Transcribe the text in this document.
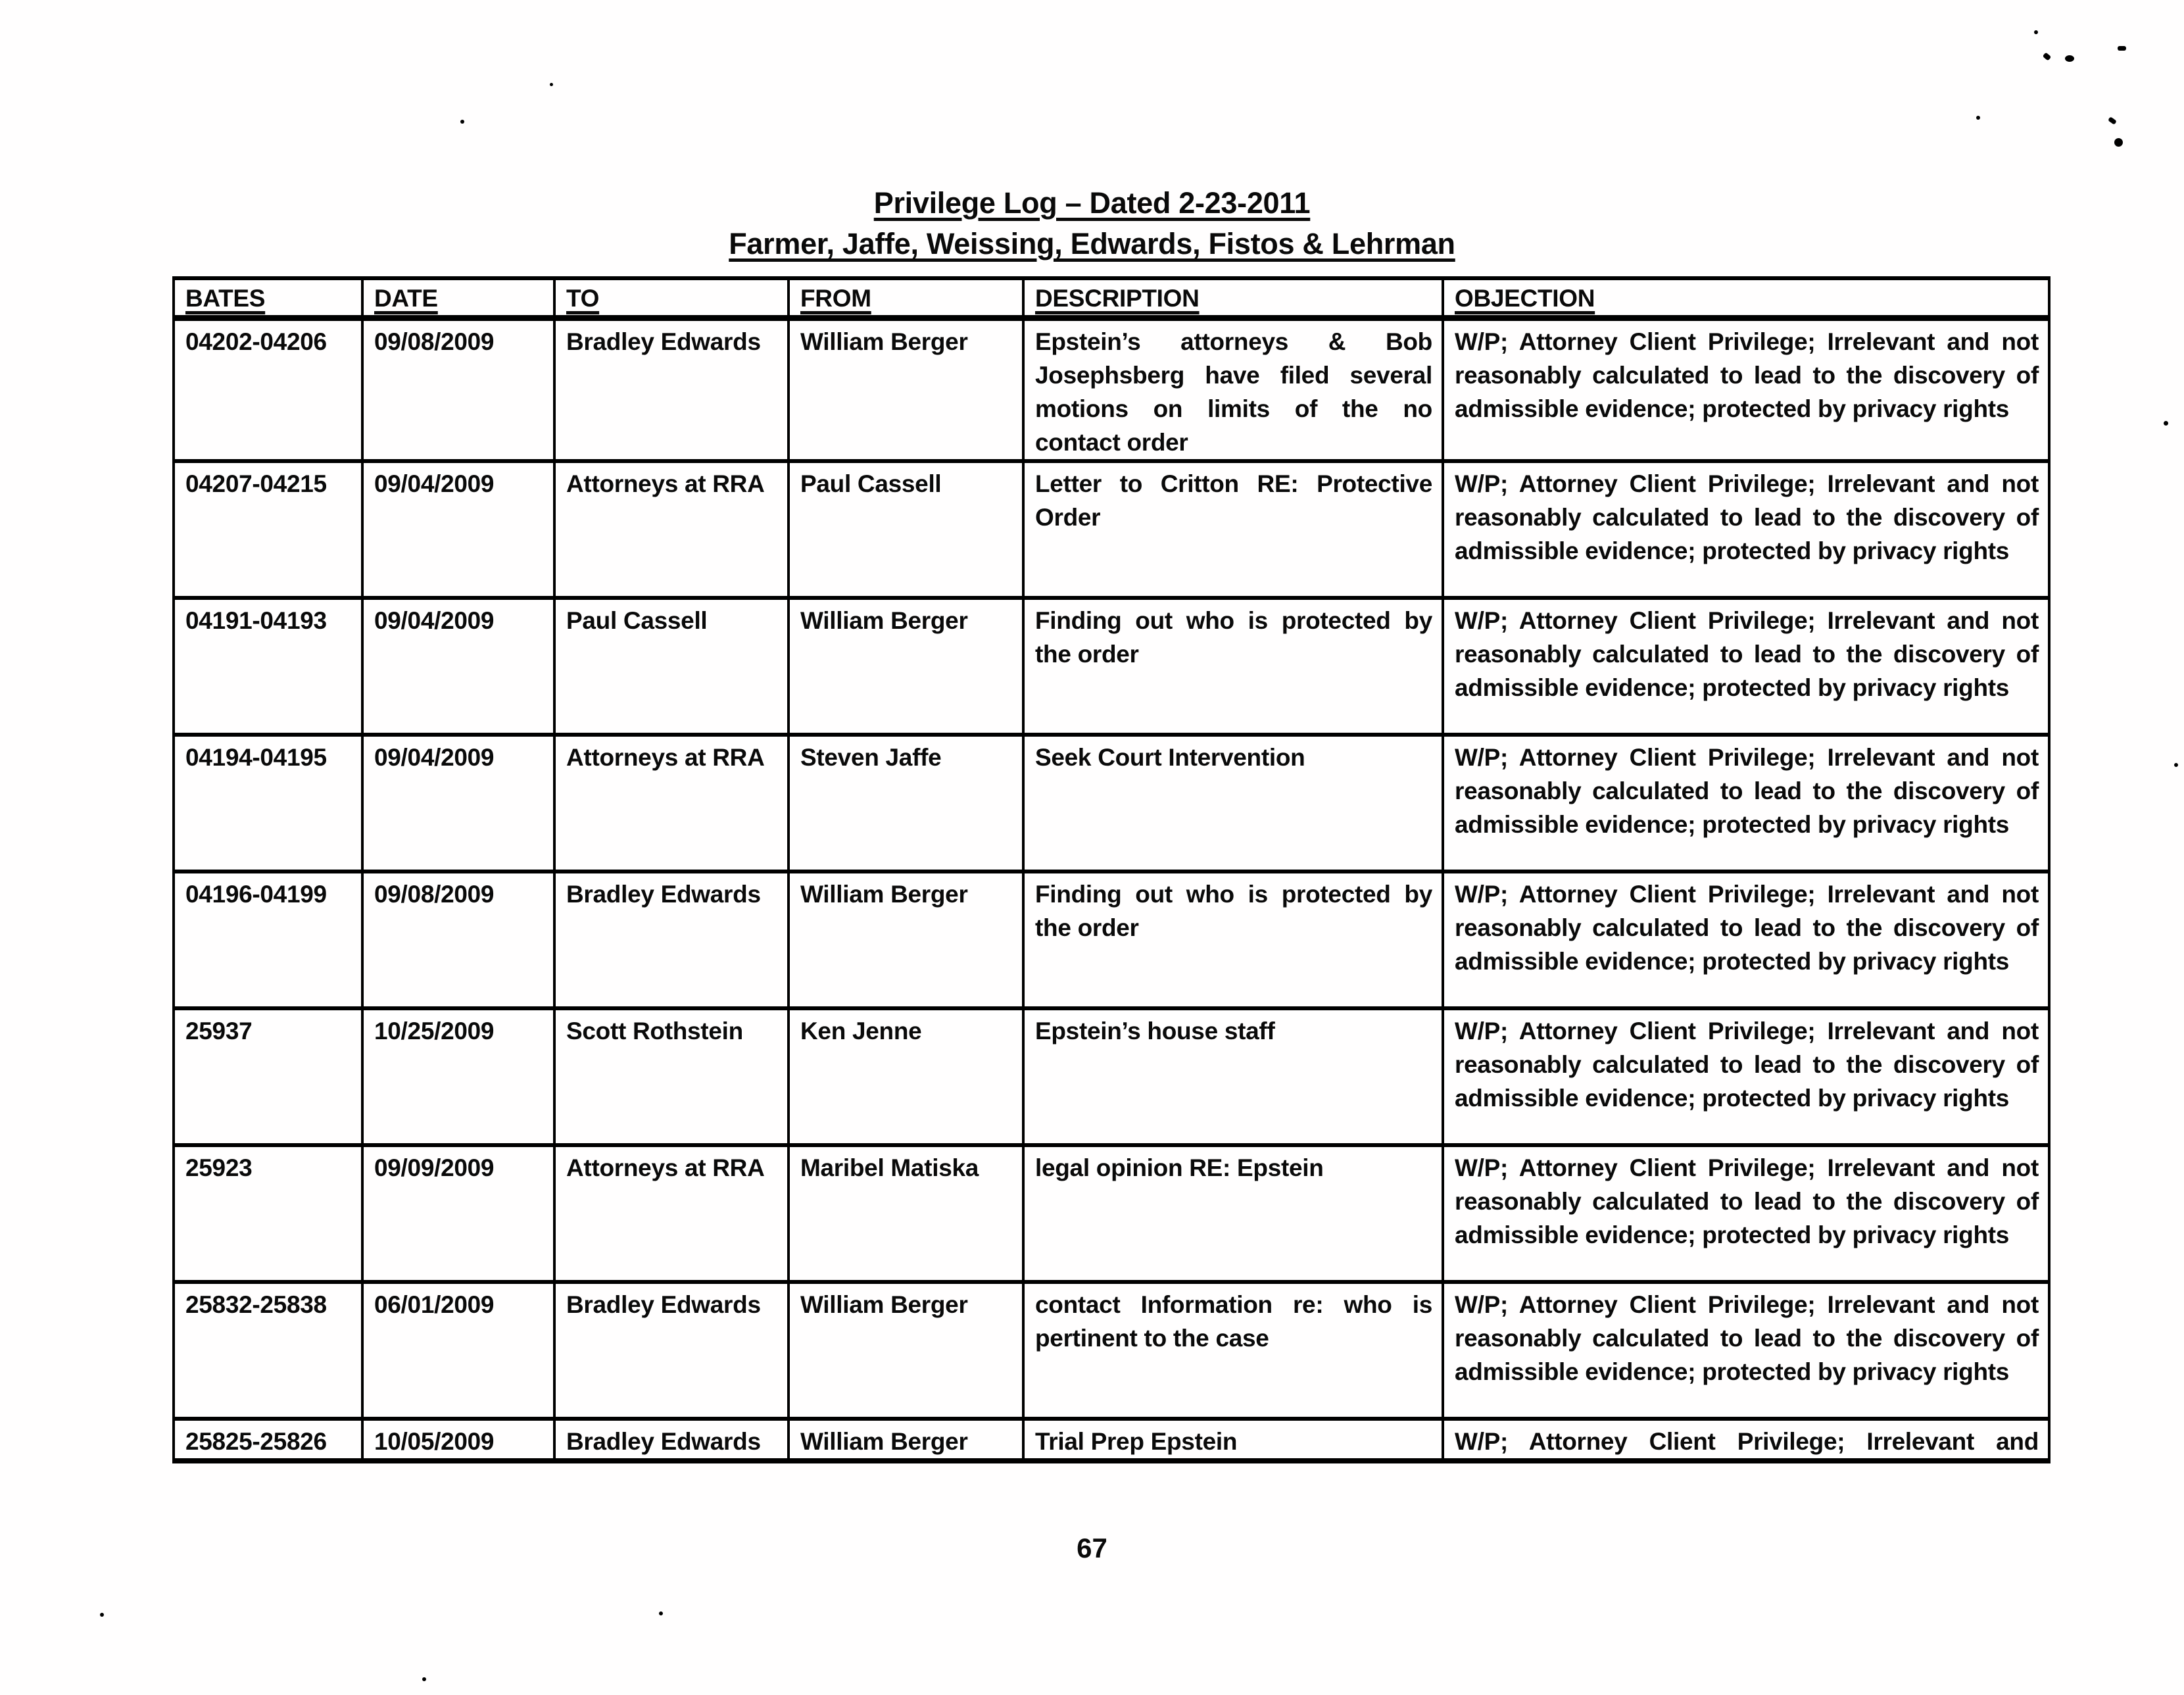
Privilege Log – Dated 2-23-2011
Farmer, Jaffe, Weissing, Edwards, Fistos & Lehrman
BATES	DATE	TO	FROM	DESCRIPTION	OBJECTION
04202-04206	09/08/2009	Bradley Edwards	William Berger	Epstein’s attorneys & Bob Josephsberg have filed several motions on limits of the no contact order	W/P; Attorney Client Privilege; Irrelevant and not reasonably calculated to lead to the discovery of admissible evidence; protected by privacy rights
04207-04215	09/04/2009	Attorneys at RRA	Paul Cassell	Letter to Critton RE: Protective Order	W/P; Attorney Client Privilege; Irrelevant and not reasonably calculated to lead to the discovery of admissible evidence; protected by privacy rights
04191-04193	09/04/2009	Paul Cassell	William Berger	Finding out who is protected by the order	W/P; Attorney Client Privilege; Irrelevant and not reasonably calculated to lead to the discovery of admissible evidence; protected by privacy rights
04194-04195	09/04/2009	Attorneys at RRA	Steven Jaffe	Seek Court Intervention	W/P; Attorney Client Privilege; Irrelevant and not reasonably calculated to lead to the discovery of admissible evidence; protected by privacy rights
04196-04199	09/08/2009	Bradley Edwards	William Berger	Finding out who is protected by the order	W/P; Attorney Client Privilege; Irrelevant and not reasonably calculated to lead to the discovery of admissible evidence; protected by privacy rights
25937	10/25/2009	Scott Rothstein	Ken Jenne	Epstein’s house staff	W/P; Attorney Client Privilege; Irrelevant and not reasonably calculated to lead to the discovery of admissible evidence; protected by privacy rights
25923	09/09/2009	Attorneys at RRA	Maribel Matiska	legal opinion RE: Epstein	W/P; Attorney Client Privilege; Irrelevant and not reasonably calculated to lead to the discovery of admissible evidence; protected by privacy rights
25832-25838	06/01/2009	Bradley Edwards	William Berger	contact Information re: who is pertinent to the case	W/P; Attorney Client Privilege; Irrelevant and not reasonably calculated to lead to the discovery of admissible evidence; protected by privacy rights
25825-25826	10/05/2009	Bradley Edwards	William Berger	Trial Prep Epstein	W/P; Attorney Client Privilege; Irrelevant and
67
